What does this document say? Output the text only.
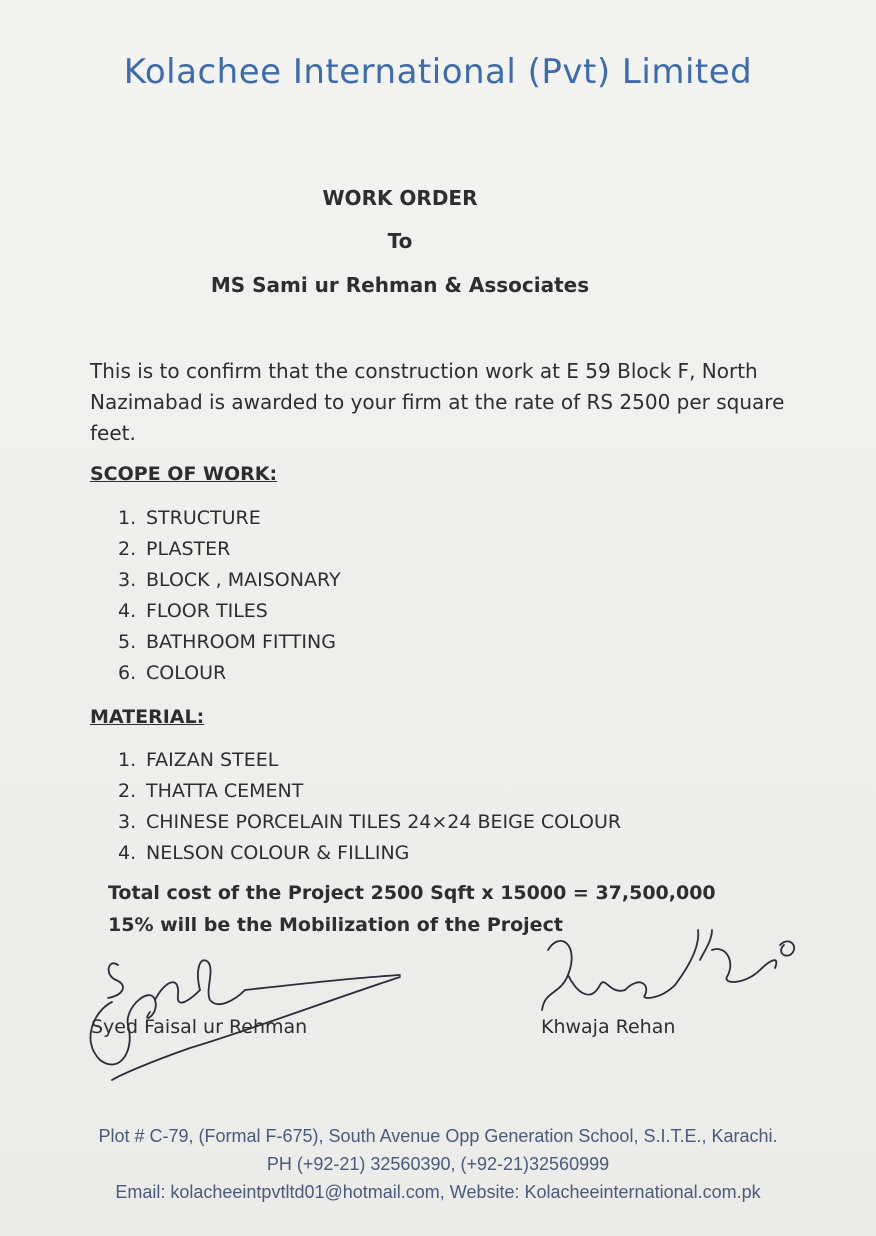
Kolachee International (Pvt) Limited
WORK ORDER
To
MS Sami ur Rehman & Associates
This is to confirm that the construction work at E 59 Block F, North
Nazimabad is awarded to your firm at the rate of RS 2500 per square
feet.
SCOPE OF WORK:
1. STRUCTURE
2. PLASTER
3. BLOCK , MAISONARY
4. FLOOR TILES
5. BATHROOM FITTING
6. COLOUR
MATERIAL:
1. FAIZAN STEEL
2. THATTA CEMENT
3. CHINESE PORCELAIN TILES 24×24 BEIGE COLOUR
4. NELSON COLOUR & FILLING
Total cost of the Project 2500 Sqft x 15000 = 37,500,000
15% will be the Mobilization of the Project
Syed Faisal ur Rehman	Khwaja Rehan
Plot # C-79, (Formal F-675), South Avenue Opp Generation School, S.I.T.E., Karachi.
PH (+92-21) 32560390, (+92-21)32560999
Email: kolacheeintpvtltd01@hotmail.com, Website: Kolacheeinternational.com.pk
